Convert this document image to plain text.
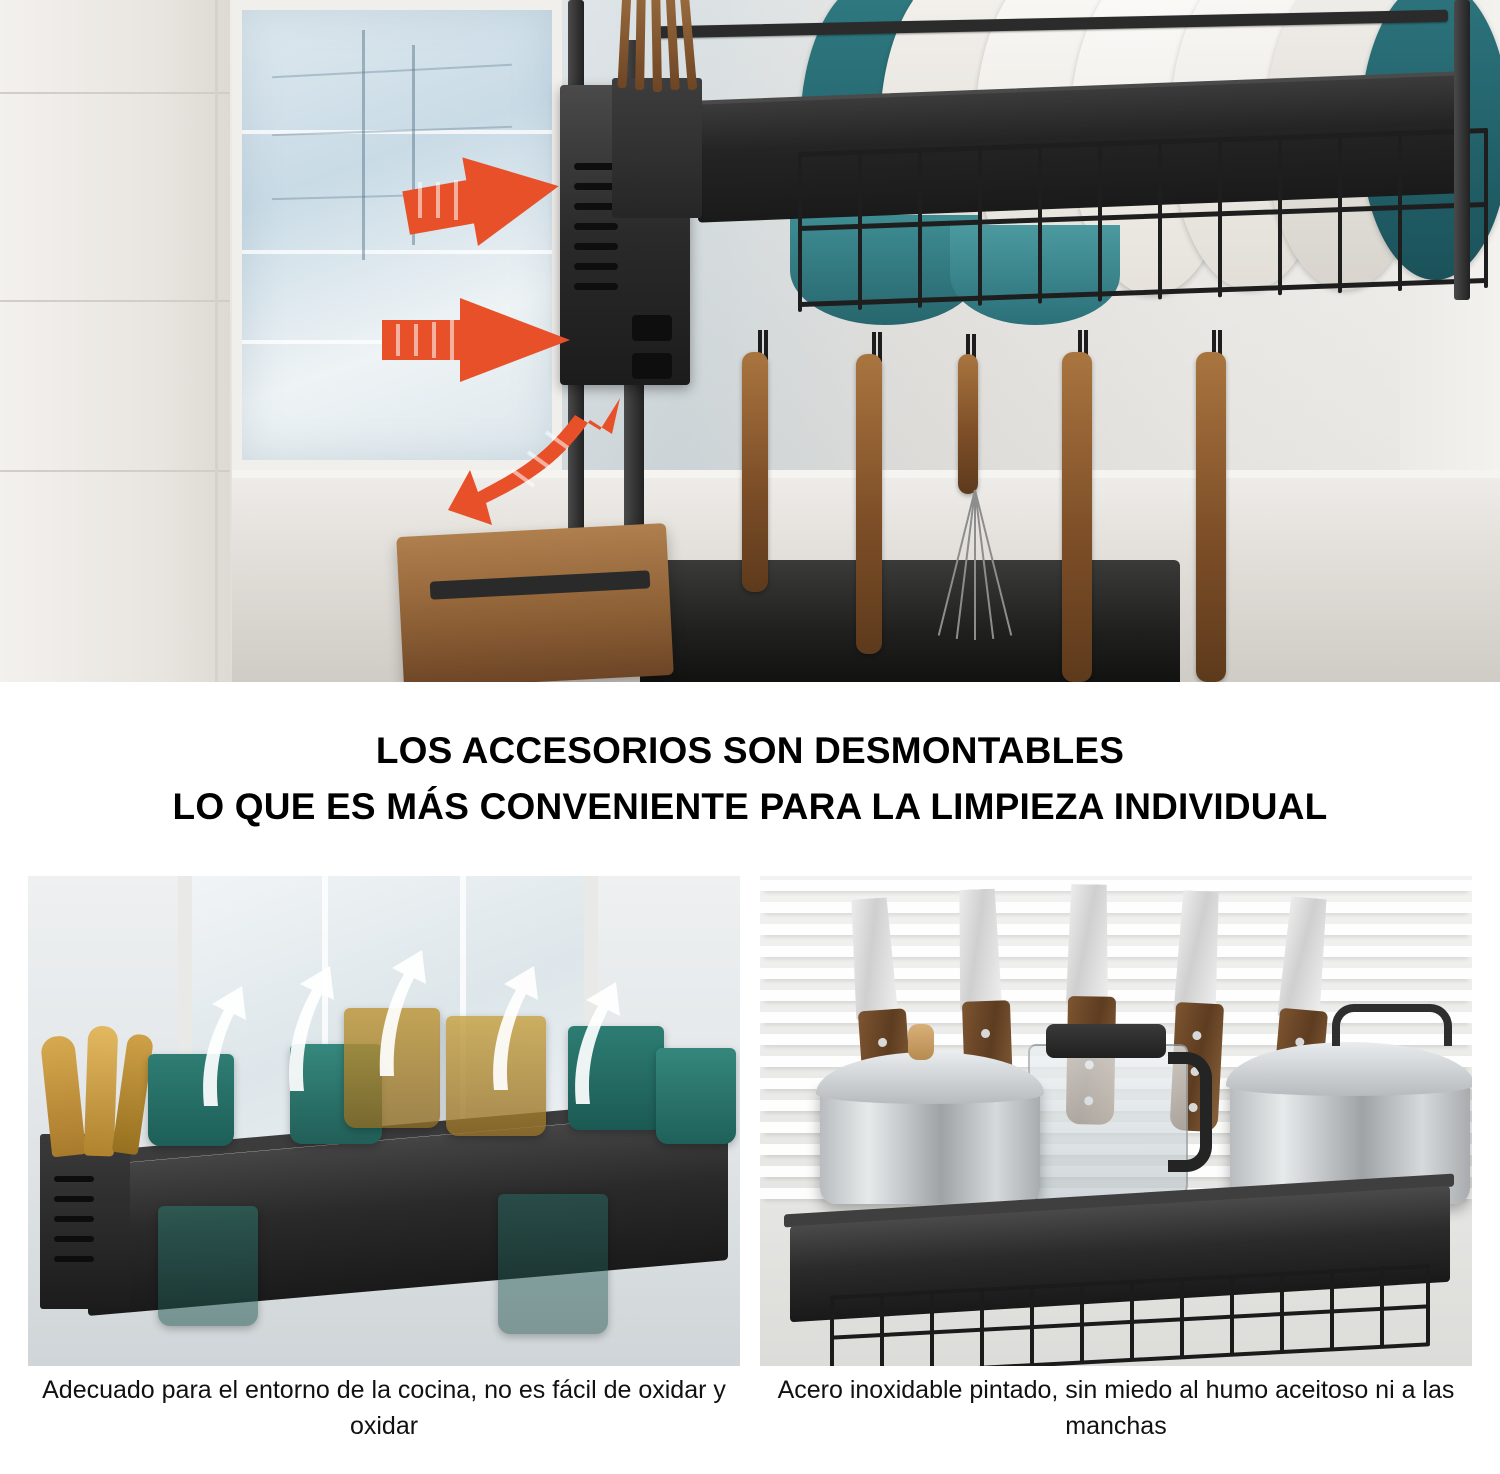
LOS ACCESORIOS SON DESMONTABLES
LO QUE ES MÁS CONVENIENTE PARA LA LIMPIEZA INDIVIDUAL
Adecuado para el entorno de la cocina, no es fácil de oxidar y oxidar
Acero inoxidable pintado, sin miedo al humo aceitoso ni a las manchas
